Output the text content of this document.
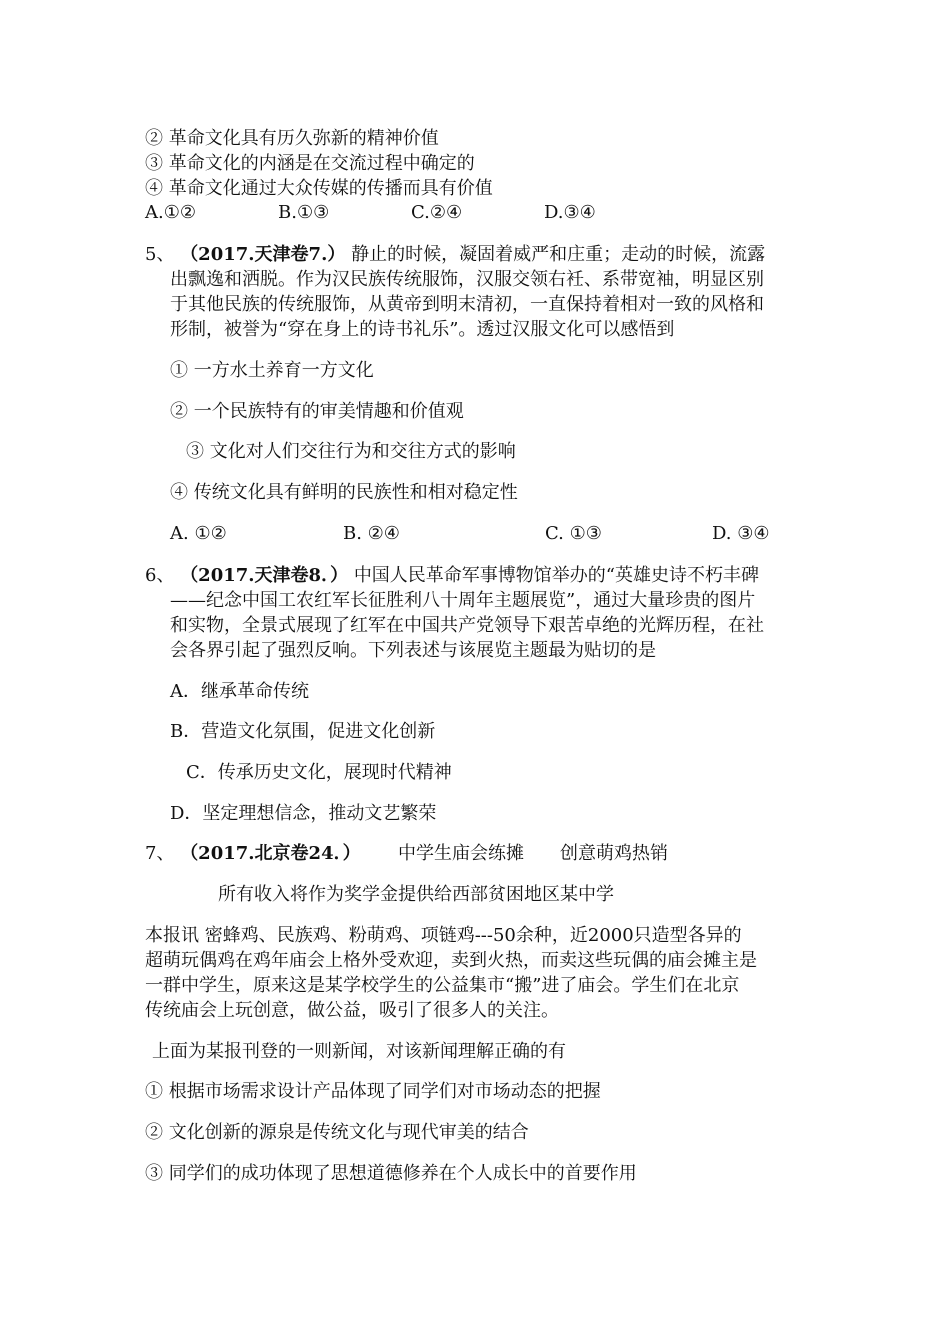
② 革命文化具有历久弥新的精神价值
③ 革命文化的内涵是在交流过程中确定的
④ 革命文化通过大众传媒的传播而具有价值
A.①②	B.①③	C.②④	D.③④
5、 （2017.天津卷7.） 静止的时候，凝固着威严和庄重；走动的时候，流露
出飘逸和洒脱。作为汉民族传统服饰，汉服交领右衽、系带宽袖，明显区别
于其他民族的传统服饰，从黄帝到明末清初，一直保持着相对一致的风格和
形制，被誉为“穿在身上的诗书礼乐”。透过汉服文化可以感悟到
① 一方水土养育一方文化
② 一个民族特有的审美情趣和价值观
③ 文化对人们交往行为和交往方式的影响
④ 传统文化具有鲜明的民族性和相对稳定性
A. ①②	B. ②④	C. ①③	D. ③④
6、 （2017.天津卷8．） 中国人民革命军事博物馆举办的“英雄史诗不朽丰碑
——纪念中国工农红军长征胜利八十周年主题展览”，通过大量珍贵的图片
和实物，全景式展现了红军在中国共产党领导下艰苦卓绝的光辉历程，在社
会各界引起了强烈反响。下列表述与该展览主题最为贴切的是
A．继承革命传统
B．营造文化氛围，促进文化创新
C．传承历史文化，展现时代精神
D．坚定理想信念，推动文艺繁荣
7、 （2017.北京卷24．） 中学生庙会练摊 创意萌鸡热销
所有收入将作为奖学金提供给西部贫困地区某中学
本报讯 密蜂鸡、民族鸡、粉萌鸡、项链鸡---50余种，近2000只造型各异的
超萌玩偶鸡在鸡年庙会上格外受欢迎，卖到火热，而卖这些玩偶的庙会摊主是
一群中学生，原来这是某学校学生的公益集市“搬”进了庙会。学生们在北京
传统庙会上玩创意，做公益，吸引了很多人的关注。
上面为某报刊登的一则新闻，对该新闻理解正确的有
① 根据市场需求设计产品体现了同学们对市场动态的把握
② 文化创新的源泉是传统文化与现代审美的结合
③ 同学们的成功体现了思想道德修养在个人成长中的首要作用
